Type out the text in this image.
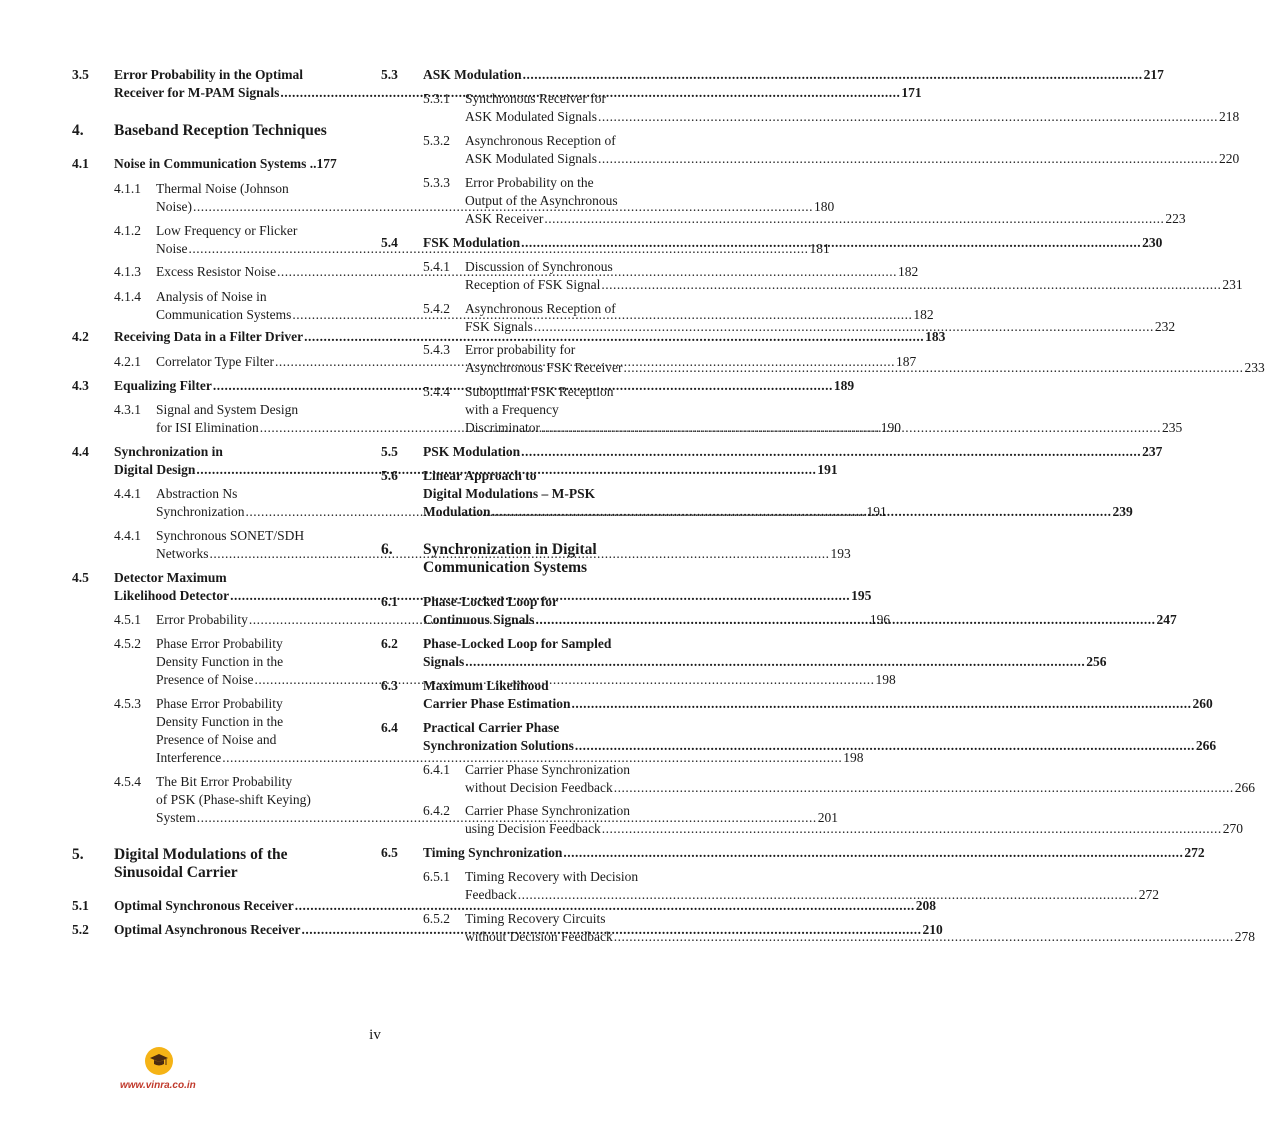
3.5 Error Probability in the Optimal
Receiver for M-PAM Signals .....	171
4. Baseband Reception Techniques
4.1 Noise in Communication Systems ..177
4.1.1 Thermal Noise (Johnson
Noise) .....	180
4.1.2 Low Frequency or Flicker
Noise .....	181
4.1.3 Excess Resistor Noise .....	182
4.1.4 Analysis of Noise in
Communication Systems .....	182
4.2 Receiving Data in a Filter Driver .....	183
4.2.1 Correlator Type Filter .....	187
4.3 Equalizing Filter .....	189
4.3.1 Signal and System Design
for ISI Elimination .....	190
4.4 Synchronization in
Digital Design .....	191
4.4.1 Abstraction Ns
Synchronization .....	191
4.4.1 Synchronous SONET/SDH
Networks .....	193
4.5 Detector Maximum
Likelihood Detector .....	195
4.5.1 Error Probability .....	196
4.5.2 Phase Error Probability
Density Function in the
Presence of Noise .....	198
4.5.3 Phase Error Probability
Density Function in the
Presence of Noise and
Interference .....	198
4.5.4 The Bit Error Probability
of PSK (Phase-shift Keying)
System .....	201
5. Digital Modulations of the
Sinusoidal Carrier
5.1 Optimal Synchronous Receiver .....	208
5.2 Optimal Asynchronous Receiver .....	210
5.3 ASK Modulation .....	217
5.3.1 Synchronous Receiver for
ASK Modulated Signals .....	218
5.3.2 Asynchronous Reception of
ASK Modulated Signals .....	220
5.3.3 Error Probability on the
Output of the Asynchronous
ASK Receiver .....	223
5.4 FSK Modulation .....	230
5.4.1 Discussion of Synchronous
Reception of FSK Signal .....	231
5.4.2 Asynchronous Reception of
FSK Signals .....	232
5.4.3 Error probability for
Asynchronous FSK Receiver .....	233
5.4.4 Suboptimal FSK Reception
with a Frequency
Discriminator .....	235
5.5 PSK Modulation .....	237
5.6 Linear Approach to
Digital Modulations – M-PSK
Modulation .....	239
6. Synchronization in Digital
Communication Systems
6.1 Phase-Locked Loop for
Continuous Signals .....	247
6.2 Phase-Locked Loop for Sampled
Signals .....	256
6.3 Maximum Likelihood
Carrier Phase Estimation .....	260
6.4 Practical Carrier Phase
Synchronization Solutions .....	266
6.4.1 Carrier Phase Synchronization
without Decision Feedback .....	266
6.4.2 Carrier Phase Synchronization
using Decision Feedback .....	270
6.5 Timing Synchronization .....	272
6.5.1 Timing Recovery with Decision
Feedback .....	272
6.5.2 Timing Recovery Circuits
without Decision Feedback .....	278
iv
www.vinra.co.in
